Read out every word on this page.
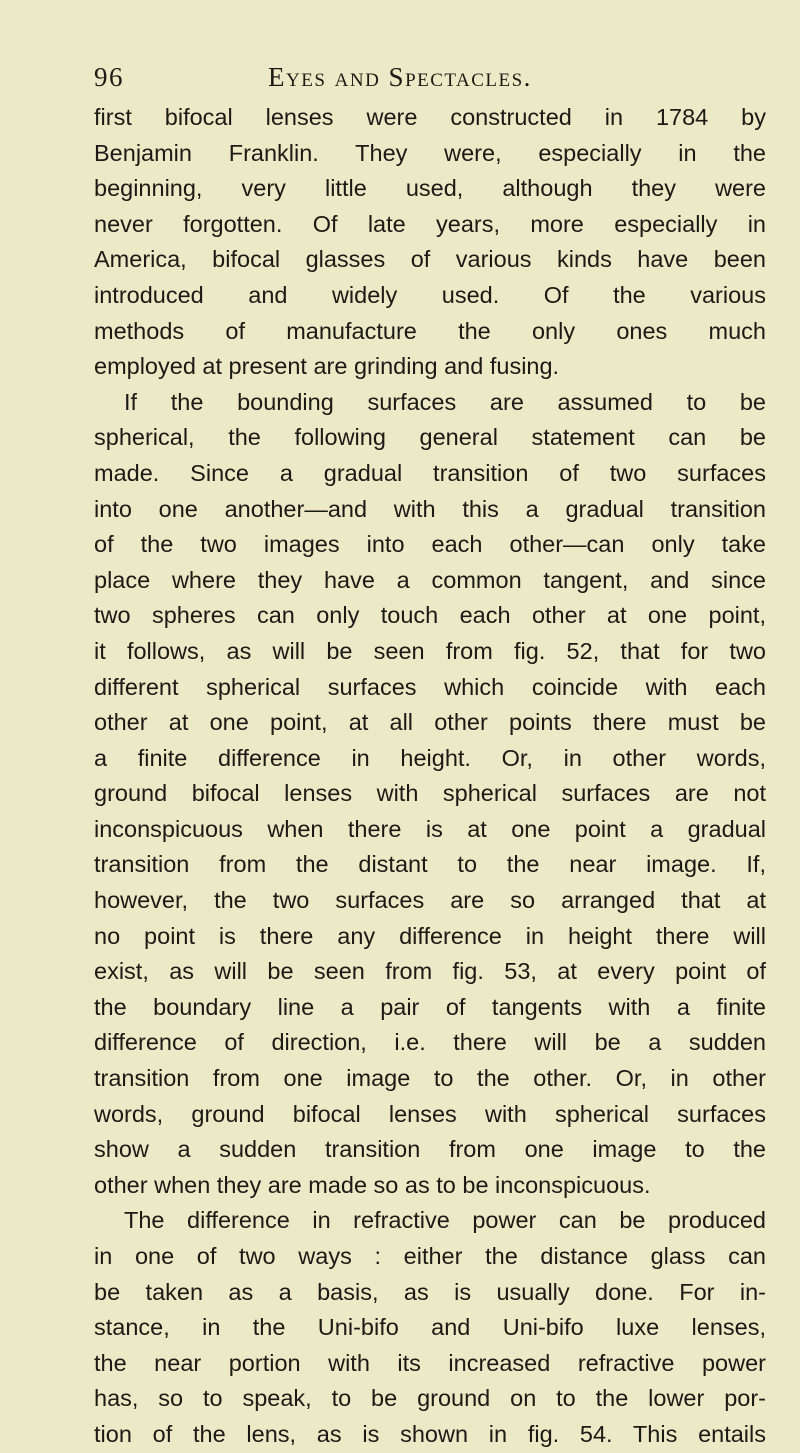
96	Eyes and Spectacles.
first bifocal lenses were constructed in 1784 by
Benjamin Franklin. They were, especially in the
beginning, very little used, although they were
never forgotten. Of late years, more especially in
America, bifocal glasses of various kinds have been
introduced and widely used. Of the various
methods of manufacture the only ones much
employed at present are grinding and fusing.
If the bounding surfaces are assumed to be
spherical, the following general statement can be
made. Since a gradual transition of two surfaces
into one another—and with this a gradual transition
of the two images into each other—can only take
place where they have a common tangent, and since
two spheres can only touch each other at one point,
it follows, as will be seen from fig. 52, that for two
different spherical surfaces which coincide with each
other at one point, at all other points there must be
a finite difference in height. Or, in other words,
ground bifocal lenses with spherical surfaces are not
inconspicuous when there is at one point a gradual
transition from the distant to the near image. If,
however, the two surfaces are so arranged that at
no point is there any difference in height there will
exist, as will be seen from fig. 53, at every point of
the boundary line a pair of tangents with a finite
difference of direction, i.e. there will be a sudden
transition from one image to the other. Or, in other
words, ground bifocal lenses with spherical surfaces
show a sudden transition from one image to the
other when they are made so as to be inconspicuous.
The difference in refractive power can be produced
in one of two ways : either the distance glass can
be taken as a basis, as is usually done. For in-
stance, in the Uni-bifo and Uni-bifo luxe lenses,
the near portion with its increased refractive power
has, so to speak, to be ground on to the lower por-
tion of the lens, as is shown in fig. 54. This entails
